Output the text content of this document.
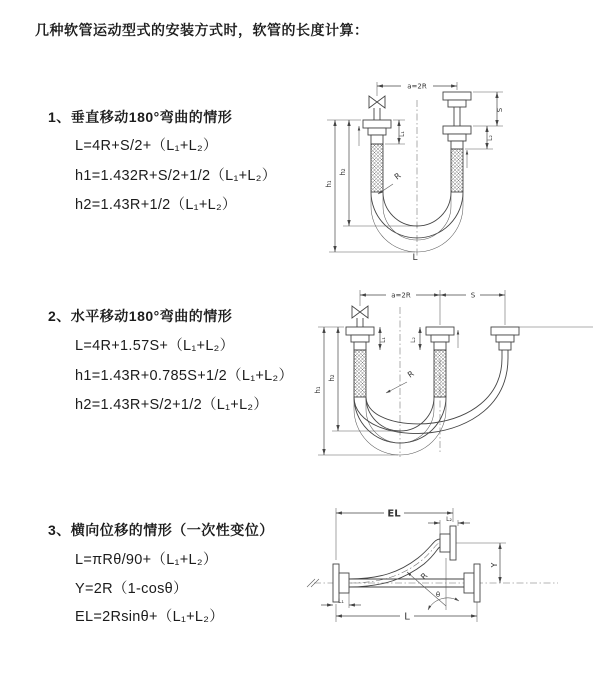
几种软管运动型式的安装方式时，软管的长度计算：
1、垂直移动180°弯曲的情形
L=4R+S/2+（L₁+L₂）
h1=1.432R+S/2+1/2（L₁+L₂）
h2=1.43R+1/2（L₁+L₂）
2、水平移动180°弯曲的情形
L=4R+1.57S+（L₁+L₂）
h1=1.43R+0.785S+1/2（L₁+L₂）
h2=1.43R+S/2+1/2（L₁+L₂）
3、横向位移的情形（一次性变位）
L=πRθ/90+（L₁+L₂）
Y=2R（1-cosθ）
EL=2Rsinθ+（L₁+L₂）
a=2R
L₁
S
L₂
h₁
h₂	R
L
a=2R	S
L₁	L₂
h₁
h₂	R
EL	L₂
Y
R
θ
L
L₁
